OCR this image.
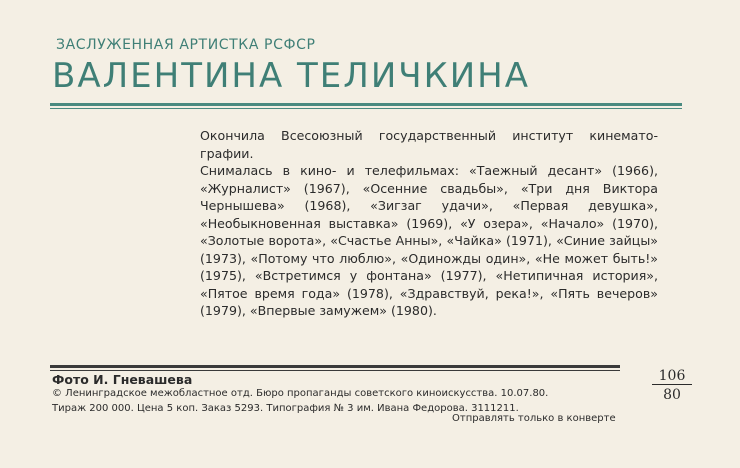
ЗАСЛУЖЕННАЯ АРТИСТКА РСФСР
ВАЛЕНТИНА ТЕЛИЧКИНА

Окончила Всесоюзный государственный институт кинемато-графии.

Снималась в кино- и телефильмах: «Таежный десант» (1966), «Журналист» (1967), «Осенние свадьбы», «Три дня Виктора Чернышева» (1968), «Зигзаг удачи», «Первая девушка», «Необыкновенная выставка» (1969), «У озера», «Начало» (1970), «Золотые ворота», «Счастье Анны», «Чайка» (1971), «Синие зайцы» (1973), «Потому что люблю», «Одиножды один», «Не может быть!» (1975), «Встретимся у фонтана» (1977), «Нетипичная история», «Пятое время года» (1978), «Здравствуй, река!», «Пять вечеров» (1979), «Впервые замужем» (1980).

Фото И. Гневашева
© Ленинградское межобластное отд. Бюро пропаганды советского киноискусства. 10.07.80.
Тираж 200 000. Цена 5 коп. Заказ 5293. Типография № 3 им. Ивана Федорова. 3111211.
Отправлять только в конверте
106
80
